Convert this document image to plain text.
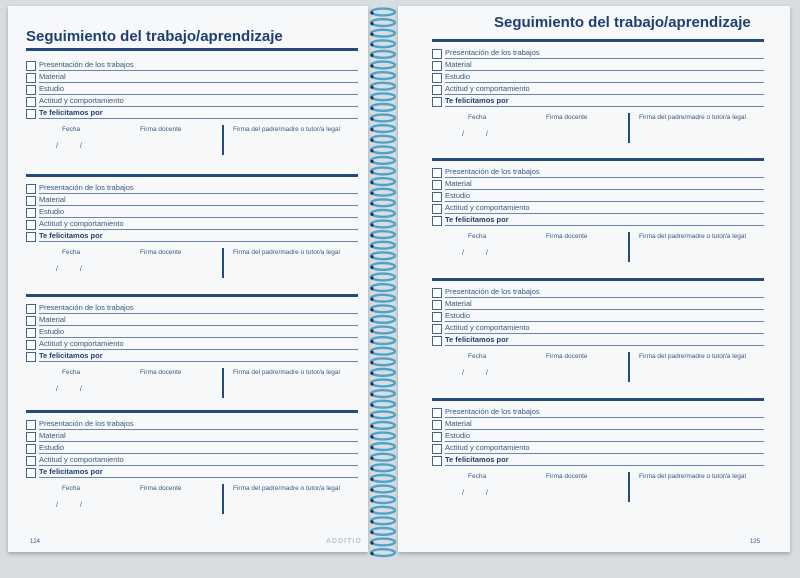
Seguimiento del trabajo/aprendizaje
Presentación de los trabajos
Material
Estudio
Actitud y comportamiento
Te felicitamos por
Fecha	Firma docente	Firma del padre/madre o tutor/a legal
/ /
Presentación de los trabajos
Material
Estudio
Actitud y comportamiento
Te felicitamos por
Fecha	Firma docente	Firma del padre/madre o tutor/a legal
/ /
Presentación de los trabajos
Material
Estudio
Actitud y comportamiento
Te felicitamos por
Fecha	Firma docente	Firma del padre/madre o tutor/a legal
/ /
Presentación de los trabajos
Material
Estudio
Actitud y comportamiento
Te felicitamos por
Fecha	Firma docente	Firma del padre/madre o tutor/a legal
/ /
124	ADDITIO
Seguimiento del trabajo/aprendizaje
Presentación de los trabajos
Material
Estudio
Actitud y comportamiento
Te felicitamos por
Fecha	Firma docente	Firma del padre/madre o tutor/a legal
/ /
Presentación de los trabajos
Material
Estudio
Actitud y comportamiento
Te felicitamos por
Fecha	Firma docente	Firma del padre/madre o tutor/a legal
/ /
Presentación de los trabajos
Material
Estudio
Actitud y comportamiento
Te felicitamos por
Fecha	Firma docente	Firma del padre/madre o tutor/a legal
/ /
Presentación de los trabajos
Material
Estudio
Actitud y comportamiento
Te felicitamos por
Fecha	Firma docente	Firma del padre/madre o tutor/a legal
/ /
125
